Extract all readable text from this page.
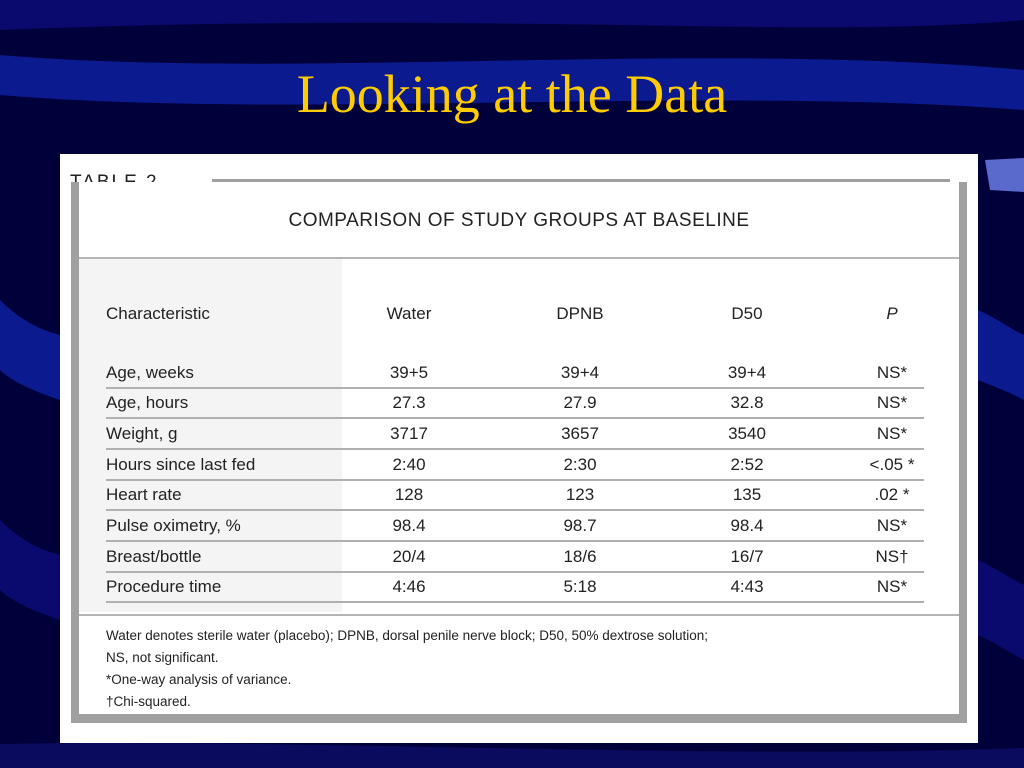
Looking at the Data
COMPARISON OF STUDY GROUPS AT BASELINE
Characteristic	Water	DPNB	D50	P
Age, weeks	39+5	39+4	39+4	NS*
Age, hours	27.3	27.9	32.8	NS*
Weight, g	3717	3657	3540	NS*
Hours since last fed	2:40	2:30	2:52	<.05 *
Heart rate	128	123	135	.02 *
Pulse oximetry, %	98.4	98.7	98.4	NS*
Breast/bottle	20/4	18/6	16/7	NS†
Procedure time	4:46	5:18	4:43	NS*
Water denotes sterile water (placebo); DPNB, dorsal penile nerve block; D50, 50% dextrose solution;
NS, not significant.
*One-way analysis of variance.
†Chi-squared.
